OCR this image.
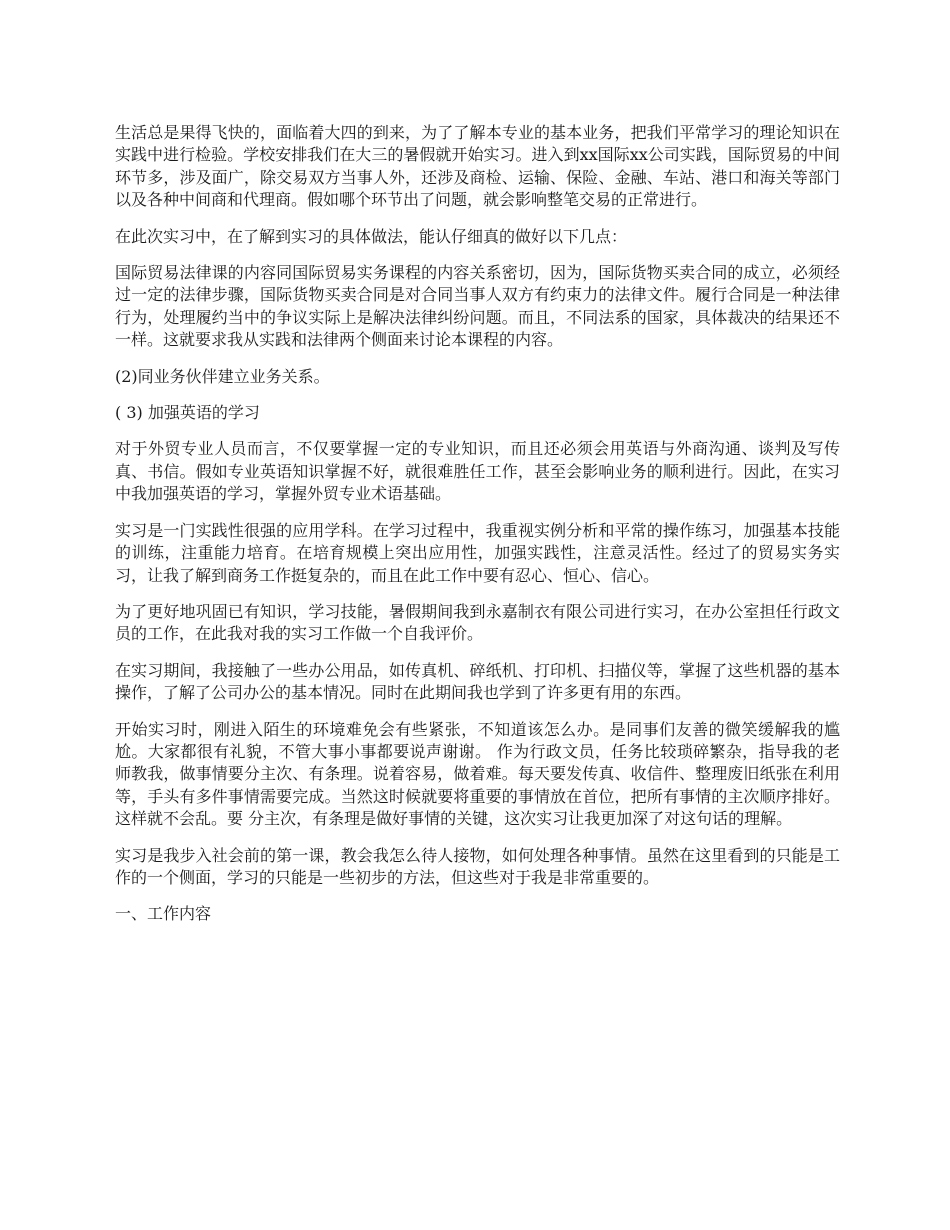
生活总是果得飞快的，面临着大四的到来，为了了解本专业的基本业务，把我们平常学习的理论知识在实践中进行检验。学校安排我们在大三的暑假就开始实习。进入到xx国际xx公司实践，国际贸易的中间环节多，涉及面广，除交易双方当事人外，还涉及商检、运输、保险、金融、车站、港口和海关等部门以及各种中间商和代理商。假如哪个环节出了问题，就会影响整笔交易的正常进行。

在此次实习中，在了解到实习的具体做法，能认仔细真的做好以下几点：

国际贸易法律课的内容同国际贸易实务课程的内容关系密切，因为，国际货物买卖合同的成立，必须经过一定的法律步骤，国际货物买卖合同是对合同当事人双方有约束力的法律文件。履行合同是一种法律行为，处理履约当中的争议实际上是解决法律纠纷问题。而且，不同法系的国家，具体裁决的结果还不一样。这就要求我从实践和法律两个侧面来讨论本课程的内容。

(2)同业务伙伴建立业务关系。

( 3) 加强英语的学习

对于外贸专业人员而言，不仅要掌握一定的专业知识，而且还必须会用英语与外商沟通、谈判及写传真、书信。假如专业英语知识掌握不好，就很难胜任工作，甚至会影响业务的顺利进行。因此，在实习中我加强英语的学习，掌握外贸专业术语基础。

实习是一门实践性很强的应用学科。在学习过程中，我重视实例分析和平常的操作练习，加强基本技能的训练，注重能力培育。在培育规模上突出应用性，加强实践性，注意灵活性。经过了的贸易实务实习，让我了解到商务工作挺复杂的，而且在此工作中要有忍心、恒心、信心。

为了更好地巩固已有知识，学习技能，暑假期间我到永嘉制衣有限公司进行实习，在办公室担任行政文员的工作，在此我对我的实习工作做一个自我评价。

在实习期间，我接触了一些办公用品，如传真机、碎纸机、打印机、扫描仪等，掌握了这些机器的基本操作，了解了公司办公的基本情况。同时在此期间我也学到了许多更有用的东西。

开始实习时，刚进入陌生的环境难免会有些紧张，不知道该怎么办。是同事们友善的微笑缓解我的尴尬。大家都很有礼貌，不管大事小事都要说声谢谢。 作为行政文员，任务比较琐碎繁杂，指导我的老师教我，做事情要分主次、有条理。说着容易，做着难。每天要发传真、收信件、整理废旧纸张在利用等，手头有多件事情需要完成。当然这时候就要将重要的事情放在首位，把所有事情的主次顺序排好。这样就不会乱。要 分主次，有条理是做好事情的关键，这次实习让我更加深了对这句话的理解。

实习是我步入社会前的第一课，教会我怎么待人接物，如何处理各种事情。虽然在这里看到的只能是工作的一个侧面，学习的只能是一些初步的方法，但这些对于我是非常重要的。

一、工作内容
